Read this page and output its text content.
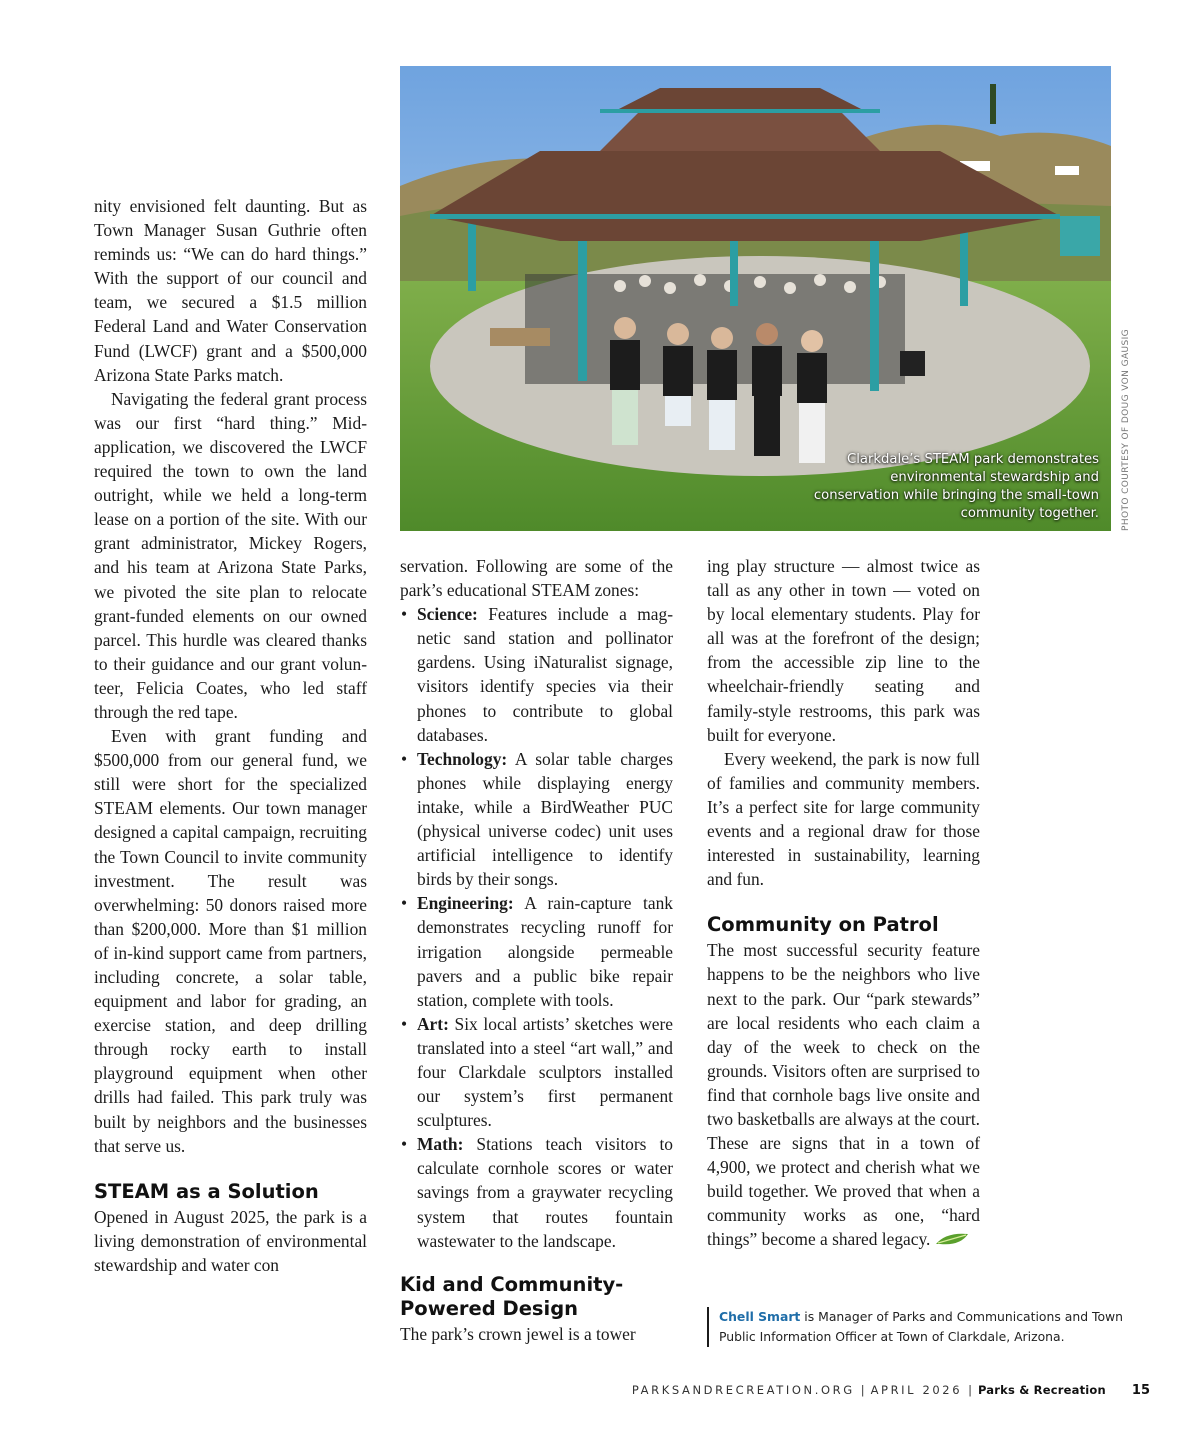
Clarkdale’s STEAM park demonstrates environmental stewardship and conservation while bringing the small-town community together. PHOTO COURTESY OF DOUG VON GAUSIG

nity envisioned felt daunting. But as Town Manager Susan Guthrie often reminds us: “We can do hard things.” With the support of our council and team, we secured a $1.5 million Federal Land and Water Conservation Fund (LWCF) grant and a $500,000 Arizona State Parks match.

Navigating the federal grant process was our first “hard thing.” Mid-application, we discovered the LWCF required the town to own the land outright, while we held a long-term lease on a portion of the site. With our grant administrator, Mickey Rogers, and his team at Arizona State Parks, we pivoted the site plan to relocate grant-funded elements on our owned parcel. This hurdle was cleared thanks to their guidance and our grant volunteer, Felicia Coates, who led staff through the red tape.

Even with grant funding and $500,000 from our general fund, we still were short for the specialized STEAM elements. Our town manager designed a capital campaign, recruiting the Town Council to invite community investment. The result was overwhelming: 50 donors raised more than $200,000. More than $1 million of in-kind support came from partners, including concrete, a solar table, equipment and labor for grading, an exercise station, and deep drilling through rocky earth to install playground equipment when other drills had failed. This park truly was built by neighbors and the businesses that serve us.

STEAM as a Solution

Opened in August 2025, the park is a living demonstration of environmental stewardship and water con

servation. Following are some of the park’s educational STEAM zones:

• Science: Features include a magnetic sand station and pollinator gardens. Using iNaturalist signage, visitors identify species via their phones to contribute to global databases.
• Technology: A solar table charges phones while displaying energy intake, while a BirdWeather PUC (physical universe codec) unit uses artificial intelligence to identify birds by their songs.
• Engineering: A rain-capture tank demonstrates recycling runoff for irrigation alongside permeable pavers and a public bike repair station, complete with tools.
• Art: Six local artists’ sketches were translated into a steel “art wall,” and four Clarkdale sculptors installed our system’s first permanent sculptures.
• Math: Stations teach visitors to calculate cornhole scores or water savings from a graywater recycling system that routes fountain wastewater to the landscape.
Kid and Community-Powered Design

The park’s crown jewel is a tower

ing play structure — almost twice as tall as any other in town — voted on by local elementary students. Play for all was at the forefront of the design; from the accessible zip line to the wheelchair-friendly seating and family-style restrooms, this park was built for everyone.

Every weekend, the park is now full of families and community members. It’s a perfect site for large community events and a regional draw for those interested in sustainability, learning and fun.

Community on Patrol

The most successful security feature happens to be the neighbors who live next to the park. Our “park stewards” are local residents who each claim a day of the week to check on the grounds. Visitors often are surprised to find that cornhole bags live onsite and two basketballs are always at the court. These are signs that in a town of 4,900, we protect and cherish what we build together. We proved that when a community works as one, “hard things” become a shared legacy.

Chell Smart is Manager of Parks and Communications and Town Public Information Officer at Town of Clarkdale, Arizona.
PARKSANDRECREATION.ORG | APRIL 2026 | Parks & Recreation 15
